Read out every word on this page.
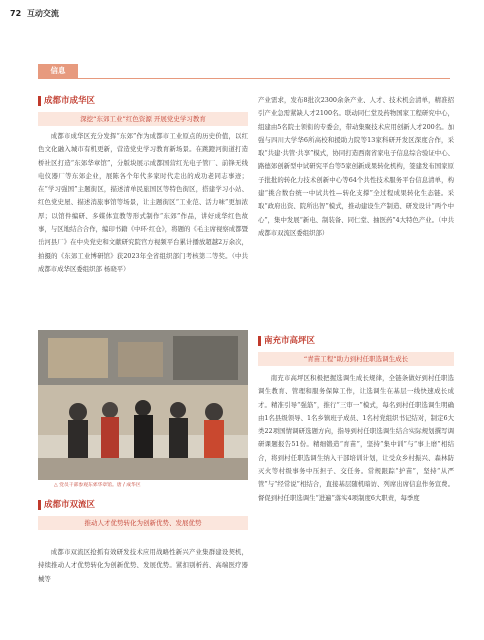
72 互动交流
信息
成都市成华区
深挖“东郊工业”红色资源 开展党史学习教育

成都市成华区充分发挥“东郊”作为成都市工业原点的历史价值，以红色文化融入城市有机更新，营造党史学习教育新场景。在跳蹬河街道打造桥社区打造“东郊华章馆”，分版块展示成都国营红光电子管厂、前锋无线电仪器厂等东郊企业，展陈各个年代多家时代走出的成功老同志事迹；在“学习强国”主题街区，描述清单民旅国区等特色街区，搭建学习小站、红色党史屋、描述消旅事馆等场景，让主题街区“工业范、活力味”更加浓厚；以馆件编研、多媒体宣教等形式制作“东郊”作品，讲好成华红色故事，与区地结合合作，编印书籍《中环·红仓》，将题的《毛主席视察成都暨岳河县厂》在中央党史和文献研究院官方视频平台累计播放超越2万余次，拍摄的《东郊工业博研馆》获2023年全省组织部门考核第二等奖。（中共成都市成华区委组织部 杨晓平）

△ 党员干部参观东郊华章馆。唐 / 成华区
成都市双流区
推动人才优势转化为创新优势、发展优势

成都市双流区抢抓有效研发技术应用战略性新兴产业集群建设契机，持续推动人才优势转化为创新优势、发展优势。紧扣别析药、高端医疗器械等

产业需求，发布8批次2300余条产业、人才、技术机会清单，精准招引产业急需紧缺人才2100名。联动同仁堂及药物国家工程研究中心，组建由5名院士领衔的专委会，带动集聚技术应用创新人才200名。加强与四川大学华6所高校和援助力院等13家科研开发区深度合作，采取“共建·共管·共享”模式，协同打造西南省家电子信息综合验证中心、路德郊创新型中试研究平台等5家创新成果转化机构，签建发布国家原子批批的转化力技术创新中心等64个共性技术服务平台信息清单，构建“挑合数台统一中试共性—转化支撑”全过程成果转化生态链。采取“政府出资、院所出智”模式，推动建设生产制造、研发设计“两个中心”，集中发展“新电、制装备、同仁堂、抽医药”4大特色产业。（中共成都市双流区委组织部）

南充市高坪区
“青苗工程”助力到村任职选调生成长

南充市高坪区积极把握选调生成长规律，全链条做好到村任职选调生教育、管理和服务保障工作，让选调生在基层一线快速成长成才。精准引导“强筋”，推行“三审一”模式，每名到村任职选调生明确由1名县级领导、1名乡镇班子成员、1名村党组织书记结对，制定6大类22项国情调研选题方向，指导到村任职选调生结合实际规划撰写调研课题报告51份。精细锻造“育苗”，坚持“集中训”与“事上磨”相结合，将到村任职选调生纳入干部培训计划，让受众乡村振兴、森林防灭火等村级事务中压担子、交任务。常规跟踪“护苗”，坚持“从严管”与“经常说”相结合，直接基层随机暗访、列席出席信息作务宣费。督促到村任职选调生“进遍”落实4项制度6大职责，每季度
